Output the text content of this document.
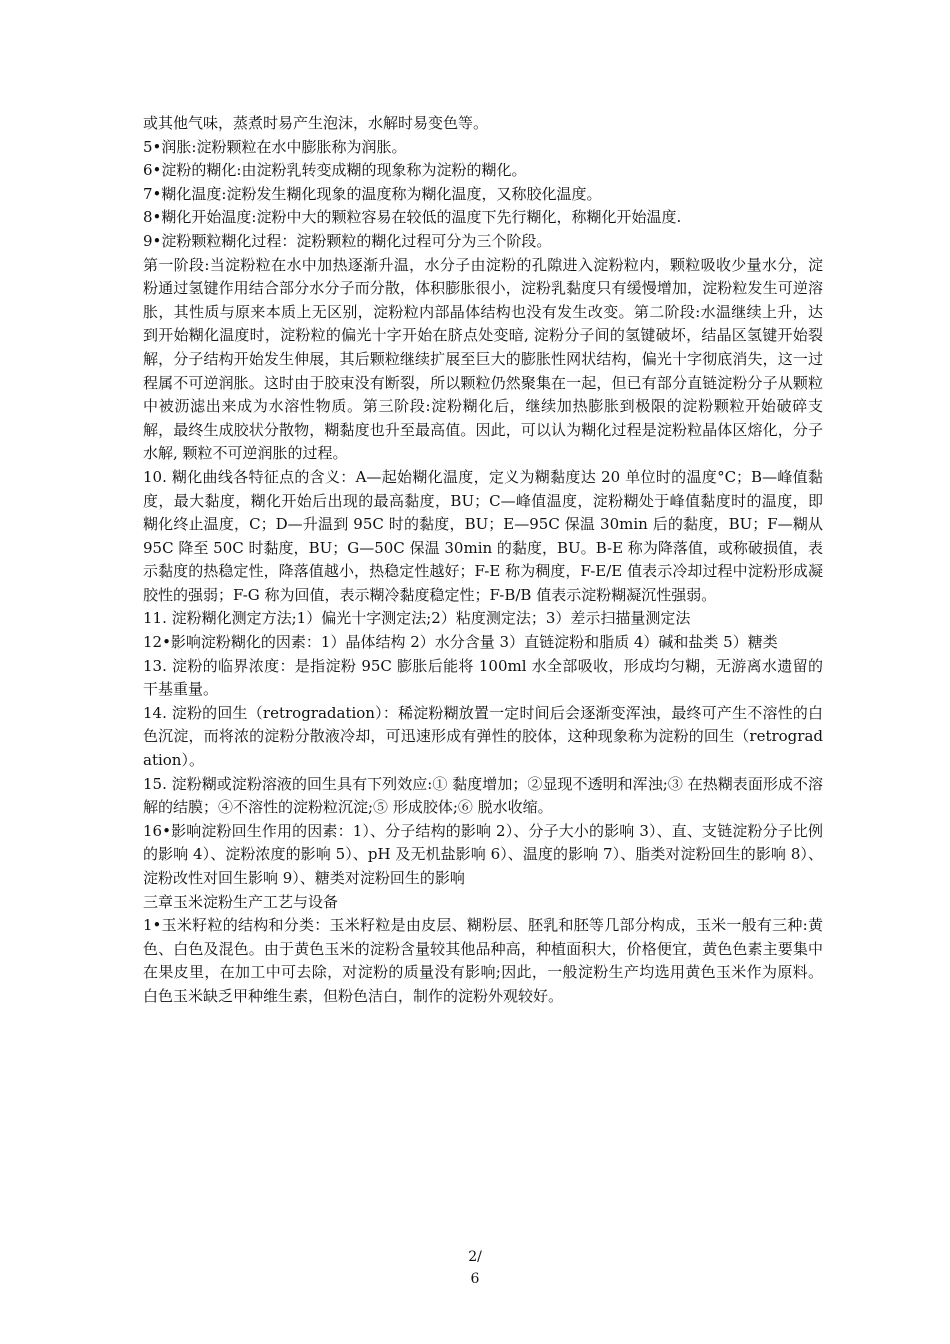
或其他气味，蒸煮时易产生泡沫，水解时易变色等。

5•润胀:淀粉颗粒在水中膨胀称为润胀。

6•淀粉的糊化:由淀粉乳转变成糊的现象称为淀粉的糊化。

7•糊化温度:淀粉发生糊化现象的温度称为糊化温度，又称胶化温度。

8•糊化开始温度:淀粉中大的颗粒容易在较低的温度下先行糊化，称糊化开始温度.

9•淀粉颗粒糊化过程：淀粉颗粒的糊化过程可分为三个阶段。

第一阶段:当淀粉粒在水中加热逐渐升温，水分子由淀粉的孔隙进入淀粉粒内，颗粒吸收少量水分，淀粉通过氢键作用结合部分水分子而分散，体积膨胀很小，淀粉乳黏度只有缓慢增加，淀粉粒发生可逆溶胀，其性质与原来本质上无区别，淀粉粒内部晶体结构也没有发生改变。第二阶段:水温继续上升，达到开始糊化温度时，淀粉粒的偏光十字开始在脐点处变暗, 淀粉分子间的氢键破坏，结晶区氢键开始裂解，分子结构开始发生伸展，其后颗粒继续扩展至巨大的膨胀性网状结构，偏光十字彻底消失，这一过程属不可逆润胀。这时由于胶束没有断裂，所以颗粒仍然聚集在一起，但已有部分直链淀粉分子从颗粒中被沥滤出来成为水溶性物质。第三阶段:淀粉糊化后，继续加热膨胀到极限的淀粉颗粒开始破碎支解，最终生成胶状分散物，糊黏度也升至最高值。因此，可以认为糊化过程是淀粉粒晶体区熔化，分子水解, 颗粒不可逆润胀的过程。

10. 糊化曲线各特征点的含义：A—起始糊化温度，定义为糊黏度达 20 单位时的温度°C；B—峰值黏度，最大黏度，糊化开始后出现的最高黏度，BU；C—峰值温度，淀粉糊处于峰值黏度时的温度，即糊化终止温度，C；D—升温到 95C 时的黏度，BU；E—95C 保温 30min 后的黏度，BU；F—糊从 95C 降至 50C 时黏度，BU；G—50C 保温 30min 的黏度，BU。B-E 称为降落值，或称破损值，表示黏度的热稳定性，降落值越小，热稳定性越好；F-E 称为稠度，F-E/E 值表示冷却过程中淀粉形成凝胶性的强弱；F-G 称为回值，表示糊冷黏度稳定性；F-B/B 值表示淀粉糊凝沉性强弱。

11. 淀粉糊化测定方法;1）偏光十字测定法;2）粘度测定法；3）差示扫描量测定法

12•影响淀粉糊化的因素：1）晶体结构 2）水分含量 3）直链淀粉和脂质 4）碱和盐类 5）糖类

13. 淀粉的临界浓度：是指淀粉 95C 膨胀后能将 100ml 水全部吸收，形成均匀糊，无游离水遗留的干基重量。

14. 淀粉的回生（retrogradation）：稀淀粉糊放置一定时间后会逐渐变浑浊，最终可产生不溶性的白色沉淀，而将浓的淀粉分散液冷却，可迅速形成有弹性的胶体，这种现象称为淀粉的回生（retrogradation）。

15. 淀粉糊或淀粉溶液的回生具有下列效应:① 黏度增加；②显现不透明和浑浊;③ 在热糊表面形成不溶解的结膜；④不溶性的淀粉粒沉淀;⑤ 形成胶体;⑥ 脱水收缩。

16•影响淀粉回生作用的因素：1）、分子结构的影响 2）、分子大小的影响 3）、直、支链淀粉分子比例的影响 4）、淀粉浓度的影响 5）、pH 及无机盐影响 6）、温度的影响 7）、脂类对淀粉回生的影响 8）、淀粉改性对回生影响 9）、糖类对淀粉回生的影响

三章玉米淀粉生产工艺与设备

1•玉米籽粒的结构和分类：玉米籽粒是由皮层、糊粉层、胚乳和胚等几部分构成，玉米一般有三种:黄色、白色及混色。由于黄色玉米的淀粉含量较其他品种高，种植面积大，价格便宜，黄色色素主要集中在果皮里，在加工中可去除，对淀粉的质量没有影响;因此，一般淀粉生产均选用黄色玉米作为原料。白色玉米缺乏甲种维生素，但粉色洁白，制作的淀粉外观较好。

2/
6
